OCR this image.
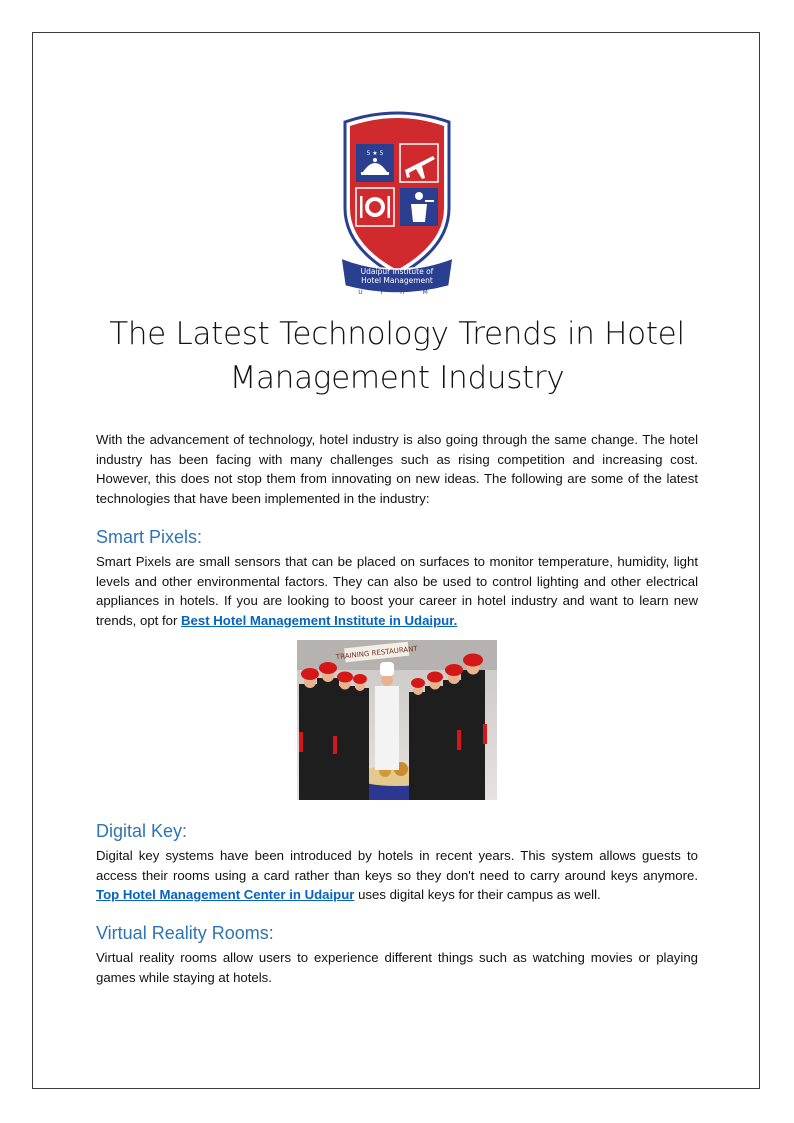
5 ★ 5
Udaipur Institute of
Hotel Management
U I H M
The Latest Technology Trends in Hotel
Management Industry

With the advancement of technology, hotel industry is also going through the same change. The hotel industry has been facing with many challenges such as rising competition and increasing cost. However, this does not stop them from innovating on new ideas. The following are some of the latest technologies that have been implemented in the industry:

Smart Pixels:

Smart Pixels are small sensors that can be placed on surfaces to monitor temperature, humidity, light levels and other environmental factors. They can also be used to control lighting and other electrical appliances in hotels. If you are looking to boost your career in hotel industry and want to learn new trends, opt for Best Hotel Management Institute in Udaipur.

TRAINING RESTAURANT
Digital Key:

Digital key systems have been introduced by hotels in recent years. This system allows guests to access their rooms using a card rather than keys so they don't need to carry around keys anymore. Top Hotel Management Center in Udaipur uses digital keys for their campus as well.

Virtual Reality Rooms:

Virtual reality rooms allow users to experience different things such as watching movies or playing games while staying at hotels.
